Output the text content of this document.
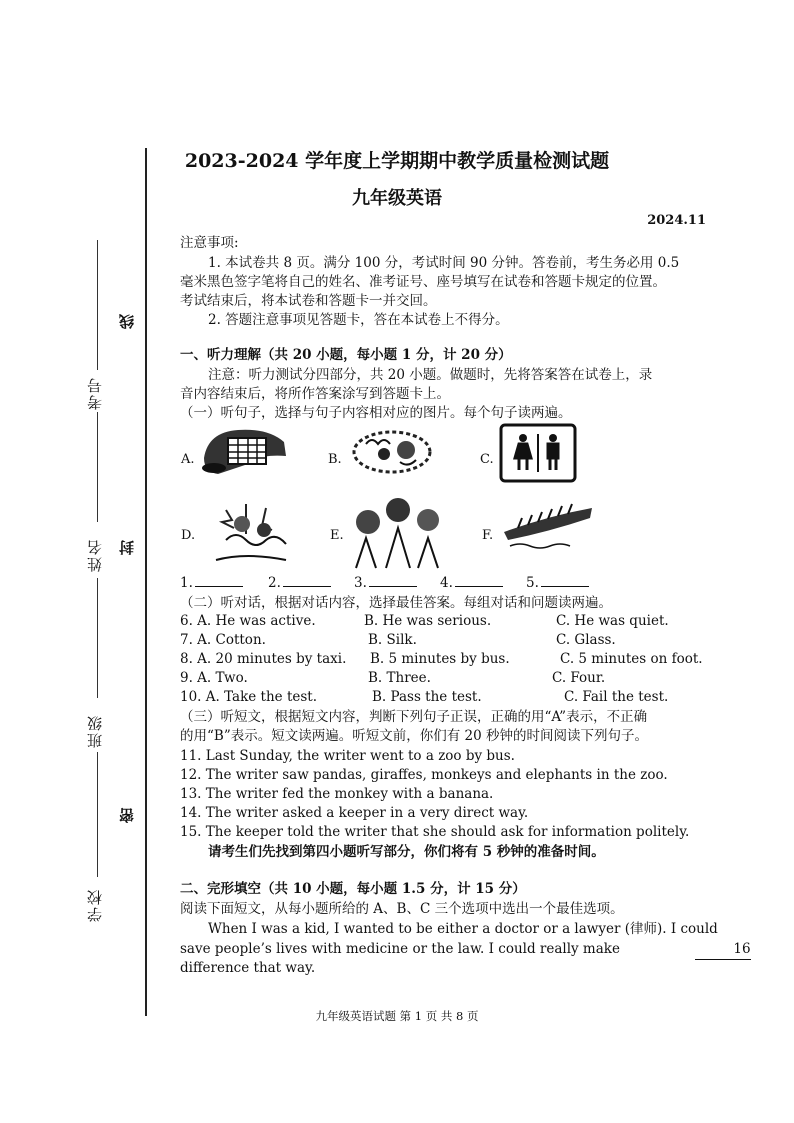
线
封
密
考号
姓名
班级
学校
2023-2024 学年度上学期期中教学质量检测试题
九年级英语
2024.11
注意事项:
1. 本试卷共 8 页。满分 100 分，考试时间 90 分钟。答卷前，考生务必用 0.5
毫米黑色签字笔将自己的姓名、准考证号、座号填写在试卷和答题卡规定的位置。
考试结束后，将本试卷和答题卡一并交回。
2. 答题注意事项见答题卡，答在本试卷上不得分。
一、听力理解（共 20 小题，每小题 1 分，计 20 分）
注意：听力测试分四部分，共 20 小题。做题时，先将答案答在试卷上，录
音内容结束后，将所作答案涂写到答题卡上。
（一）听句子，选择与句子内容相对应的图片。每个句子读两遍。
A.	B.	C.
D.	E.	F.
1.	2.	3.	4.	5.
（二）听对话，根据对话内容，选择最佳答案。每组对话和问题读两遍。
6. A. He was active.	B. He was serious.	C. He was quiet.
7. A. Cotton.	B. Silk.	C. Glass.
8. A. 20 minutes by taxi. B. 5 minutes by bus.	C. 5 minutes on foot.
9. A. Two.	B. Three.	C. Four.
10. A. Take the test.	B. Pass the test.	C. Fail the test.
（三）听短文，根据短文内容，判断下列句子正误，正确的用“A”表示，不正确
的用“B”表示。短文读两遍。听短文前，你们有 20 秒钟的时间阅读下列句子。
11. Last Sunday, the writer went to a zoo by bus.
12. The writer saw pandas, giraffes, monkeys and elephants in the zoo.
13. The writer fed the monkey with a banana.
14. The writer asked a keeper in a very direct way.
15. The keeper told the writer that she should ask for information politely.
请考生们先找到第四小题听写部分，你们将有 5 秒钟的准备时间。
二、完形填空（共 10 小题，每小题 1.5 分，计 15 分）
阅读下面短文，从每小题所给的 A、B、C 三个选项中选出一个最佳选项。
When I was a kid, I wanted to be either a doctor or a lawyer (律师). I could
save people’s lives with medicine or the law. I could really make	16
difference that way.
九年级英语试题 第 1 页 共 8 页
